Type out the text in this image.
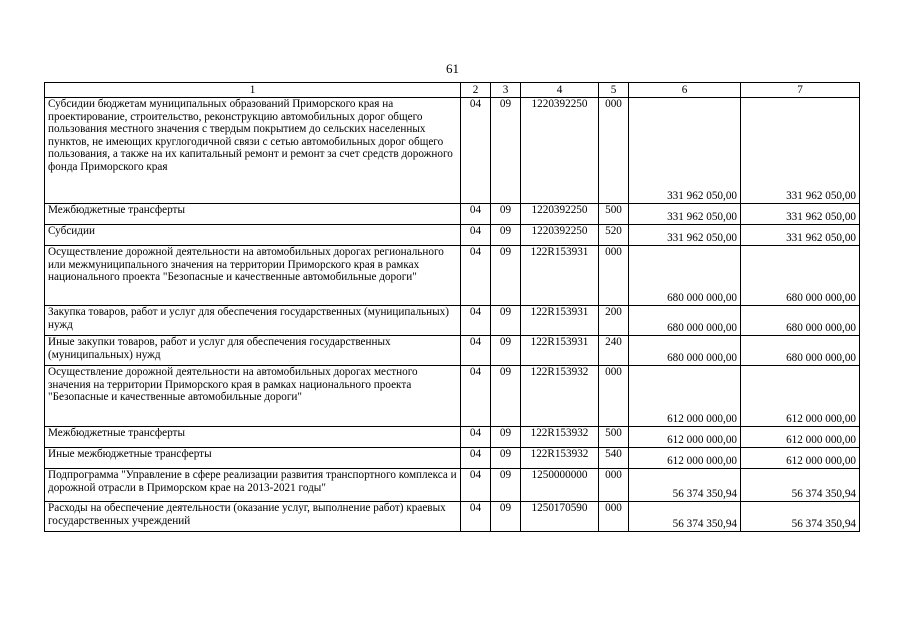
61
1	2	3	4	5	6	7
Субсидии бюджетам муниципальных образований Приморского края на проектирование, строительство, реконструкцию автомобильных дорог общего пользования местного значения с твердым покрытием до сельских населенных пунктов, не имеющих круглогодичной связи с сетью автомобильных дорог общего пользования, а также на их капитальный ремонт и ремонт за счет средств дорожного фонда Приморского края	04	09	1220392250	000	331 962 050,00	331 962 050,00
Межбюджетные трансферты	04	09	1220392250	500	331 962 050,00	331 962 050,00
Субсидии	04	09	1220392250	520	331 962 050,00	331 962 050,00
Осуществление дорожной деятельности на автомобильных дорогах регионального или межмуниципального значения на территории Приморского края в рамках национального проекта "Безопасные и качественные автомобильные дороги"	04	09	122R153931	000	680 000 000,00	680 000 000,00
Закупка товаров, работ и услуг для обеспечения государственных (муниципальных) нужд	04	09	122R153931	200	680 000 000,00	680 000 000,00
Иные закупки товаров, работ и услуг для обеспечения государственных (муниципальных) нужд	04	09	122R153931	240	680 000 000,00	680 000 000,00
Осуществление дорожной деятельности на автомобильных дорогах местного значения на территории Приморского края в рамках национального проекта "Безопасные и качественные автомобильные дороги"	04	09	122R153932	000	612 000 000,00	612 000 000,00
Межбюджетные трансферты	04	09	122R153932	500	612 000 000,00	612 000 000,00
Иные межбюджетные трансферты	04	09	122R153932	540	612 000 000,00	612 000 000,00
Подпрограмма "Управление в сфере реализации развития транспортного комплекса и дорожной отрасли в Приморском крае на 2013-2021 годы"	04	09	1250000000	000	56 374 350,94	56 374 350,94
Расходы на обеспечение деятельности (оказание услуг, выполнение работ) краевых государственных учреждений	04	09	1250170590	000	56 374 350,94	56 374 350,94
